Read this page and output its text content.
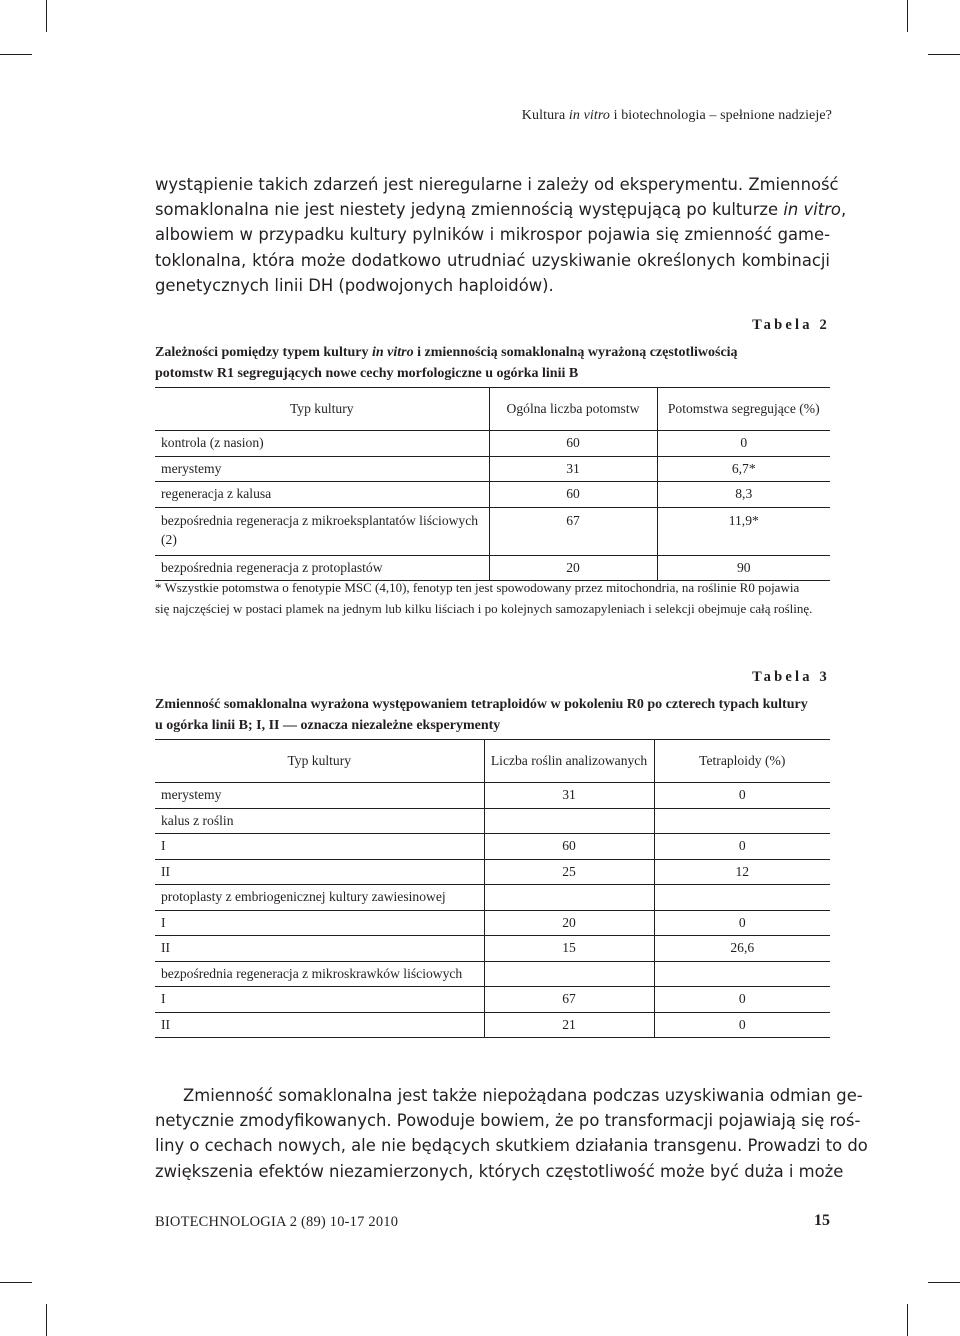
Kultura in vitro i biotechnologia – spełnione nadzieje?

wystąpienie takich zdarzeń jest nieregularne i zależy od eksperymentu. Zmienność
somaklonalna nie jest niestety jedyną zmiennością występującą po kulturze in vitro,
albowiem w przypadku kultury pylników i mikrospor pojawia się zmienność game-
toklonalna, która może dodatkowo utrudniać uzyskiwanie określonych kombinacji
genetycznych linii DH (podwojonych haploidów).

Tabela 2
Zależności pomiędzy typem kultury in vitro i zmiennością somaklonalną wyrażoną częstotliwością
potomstw R1 segregujących nowe cechy morfologiczne u ogórka linii B
Typ kultury	Ogólna liczba potomstw	Potomstwa segregujące (%)
kontrola (z nasion)	60	0
merystemy	31	6,7*
regeneracja z kalusa	60	8,3
bezpośrednia regeneracja z mikroeksplantatów liściowych (2)	67	11,9*
bezpośrednia regeneracja z protoplastów	20	90
* Wszystkie potomstwa o fenotypie MSC (4,10), fenotyp ten jest spowodowany przez mitochondria, na roślinie R0 pojawia
się najczęściej w postaci plamek na jednym lub kilku liściach i po kolejnych samozapyleniach i selekcji obejmuje całą roślinę.
Tabela 3
Zmienność somaklonalna wyrażona występowaniem tetraploidów w pokoleniu R0 po czterech typach kultury
u ogórka linii B; I, II — oznacza niezależne eksperymenty
Typ kultury	Liczba roślin analizowanych	Tetraploidy (%)
merystemy	31	0
kalus z roślin		
I	60	0
II	25	12
protoplasty z embriogenicznej kultury zawiesinowej		
I	20	0
II	15	26,6
bezpośrednia regeneracja z mikroskrawków liściowych		
I	67	0
II	21	0

Zmienność somaklonalna jest także niepożądana podczas uzyskiwania odmian ge-
netycznie zmodyfikowanych. Powoduje bowiem, że po transformacji pojawiają się roś-
liny o cechach nowych, ale nie będących skutkiem działania transgenu. Prowadzi to do
zwiększenia efektów niezamierzonych, których częstotliwość może być duża i może

BIOTECHNOLOGIA 2 (89) 10-17 2010	15
